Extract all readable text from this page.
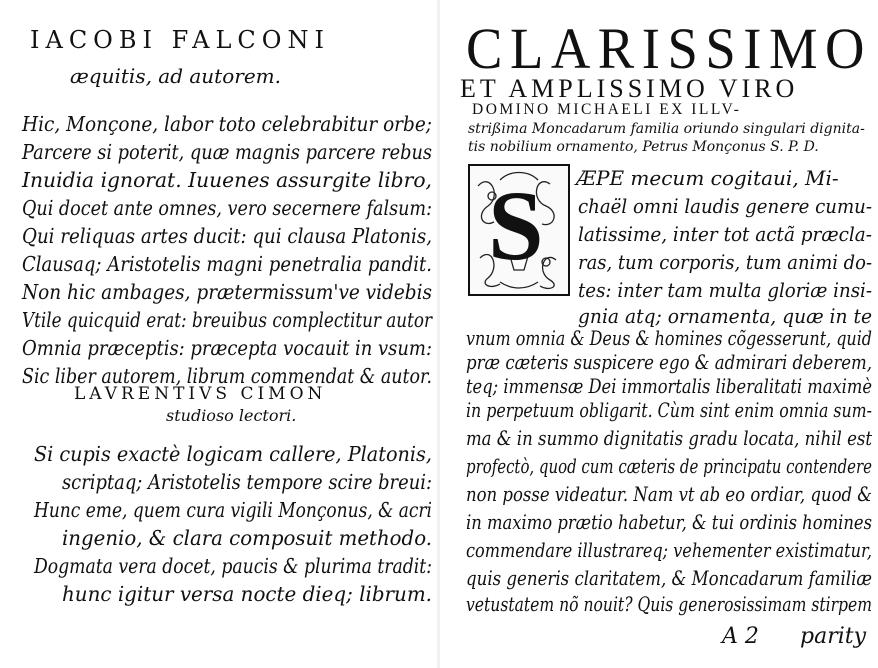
IACOBI FALCONI
æquitis, ad autorem.
Hic, Monçone, labor toto celebrabitur orbe;
Parcere si poterit, quæ magnis parcere rebus
Inuidia ignorat. Iuuenes assurgite libro,
Qui docet ante omnes, vero secernere falsum:
Qui reliquas artes ducit: qui clausa Platonis,
Clausaq; Aristotelis magni penetralia pandit.
Non hic ambages, prætermissum've videbis
Vtile quicquid erat: breuibus complectitur autor
Omnia præceptis: præcepta vocauit in vsum:
Sic liber autorem, librum commendat & autor.
LAVRENTIVS CIMON
studioso lectori.
Si cupis exactè logicam callere, Platonis,
scriptaq; Aristotelis tempore scire breui:
Hunc eme, quem cura vigili Monçonus, & acri
ingenio, & clara composuit methodo.
Dogmata vera docet, paucis & plurima tradit:
hunc igitur versa nocte dieq; librum.
CLARISSIMO
ET AMPLISSIMO VIRO
DOMINO MICHAELI EX ILLV-
strißima Moncadarum familia oriundo singulari dignita-
tis nobilium ornamento, Petrus Monçonus S. P. D.
S ÆPE mecum cogitaui, Mi-
chaël omni laudis genere cumu-
latissime, inter tot actã præcla-
ras, tum corporis, tum animi do-
tes: inter tam multa gloriæ insi-
gnia atq; ornamenta, quæ in te
vnum omnia & Deus & homines cõgesserunt, quid
præ cæteris suspicere ego & admirari deberem,
teq; immensæ Dei immortalis liberalitati maximè
in perpetuum obligarit. Cùm sint enim omnia sum-
ma & in summo dignitatis gradu locata, nihil est
profectò, quod cum cæteris de principatu contendere
non posse videatur. Nam vt ab eo ordiar, quod &
in maximo prætio habetur, & tui ordinis homines
commendare illustrareq; vehementer existimatur,
quis generis claritatem, & Moncadarum familiæ
vetustatem nõ nouit? Quis generosissimam stirpem
A 2 parity
